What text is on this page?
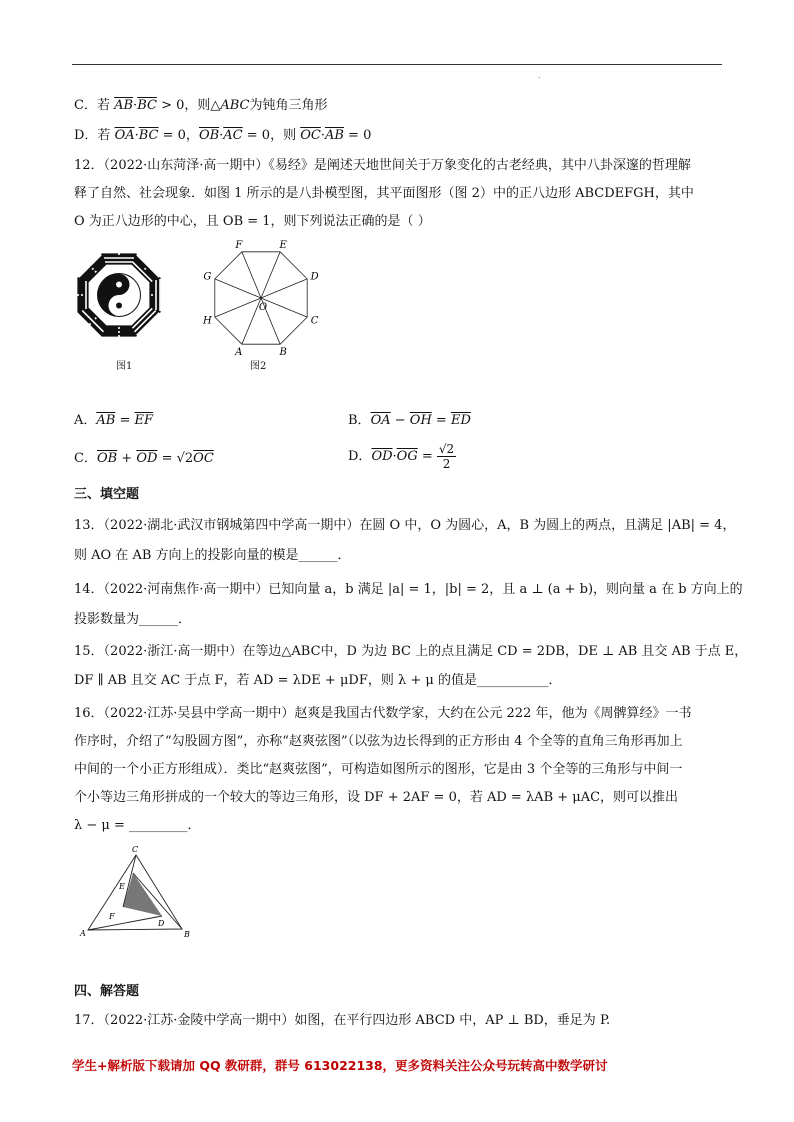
.
C．若 $\overline{AB}\cdot\overline{BC} > 0$，则△ABC为钝角三角形
D．若 $\overline{OA}\cdot\overline{BC} = 0$，$\overline{OB}\cdot\overline{AC} = 0$，则 $\overline{OC}\cdot\overline{AB} = 0$
12．（2022·山东菏泽·高一期中）《易经》是阐述天地世间关于万象变化的古老经典，其中八卦深邃的哲理解
释了自然、社会现象．如图 1 所示的是八卦模型图，其平面图形（图 2）中的正八边形 ABCDEFGH，其中
O 为正八边形的中心，且 OB = 1，则下列说法正确的是（ ）
图1
A	B
C
D
E
F
G
H
O
图2
A．$\overline{AB} = \overline{EF}$	B．$\overline{OA} - \overline{OH} = \overline{ED}$
C．$\overline{OB} + \overline{OD} = √2\overline{OC}$	D．$\overline{OD}\cdot\overline{OG} = \frac{√2}{2}$
三、填空题
13．（2022·湖北·武汉市钢城第四中学高一期中）在圆 O 中，O 为圆心，A，B 为圆上的两点，且满足 |AB| = 4，
则 AO 在 AB 方向上的投影向量的模是______．
14．（2022·河南焦作·高一期中）已知向量 a，b 满足 |a| = 1，|b| = 2，且 a ⊥ (a + b)，则向量 a 在 b 方向上的
投影数量为______．
15．（2022·浙江·高一期中）在等边△ABC中，D 为边 BC 上的点且满足 CD = 2DB，DE ⊥ AB 且交 AB 于点 E，
DF ∥ AB 且交 AC 于点 F，若 AD = λDE + μDF，则 λ + μ 的值是___________．
16．（2022·江苏·吴县中学高一期中）赵爽是我国古代数学家，大约在公元 222 年，他为《周髀算经》一书
作序时，介绍了“勾股圆方图”，亦称“赵爽弦图”（以弦为边长得到的正方形由 4 个全等的直角三角形再加上
中间的一个小正方形组成）．类比“赵爽弦图”，可构造如图所示的图形，它是由 3 个全等的三角形与中间一
个小等边三角形拼成的一个较大的等边三角形，设 DF + 2AF = 0，若 AD = λAB + μAC，则可以推出
λ − μ = _________．
A	B
C
D
E
F
四、解答题
17．（2022·江苏·金陵中学高一期中）如图，在平行四边形 ABCD 中，AP ⊥ BD，垂足为 P.
学生+解析版下载请加 QQ 教研群，群号 613022138，更多资料关注公众号玩转高中数学研讨
